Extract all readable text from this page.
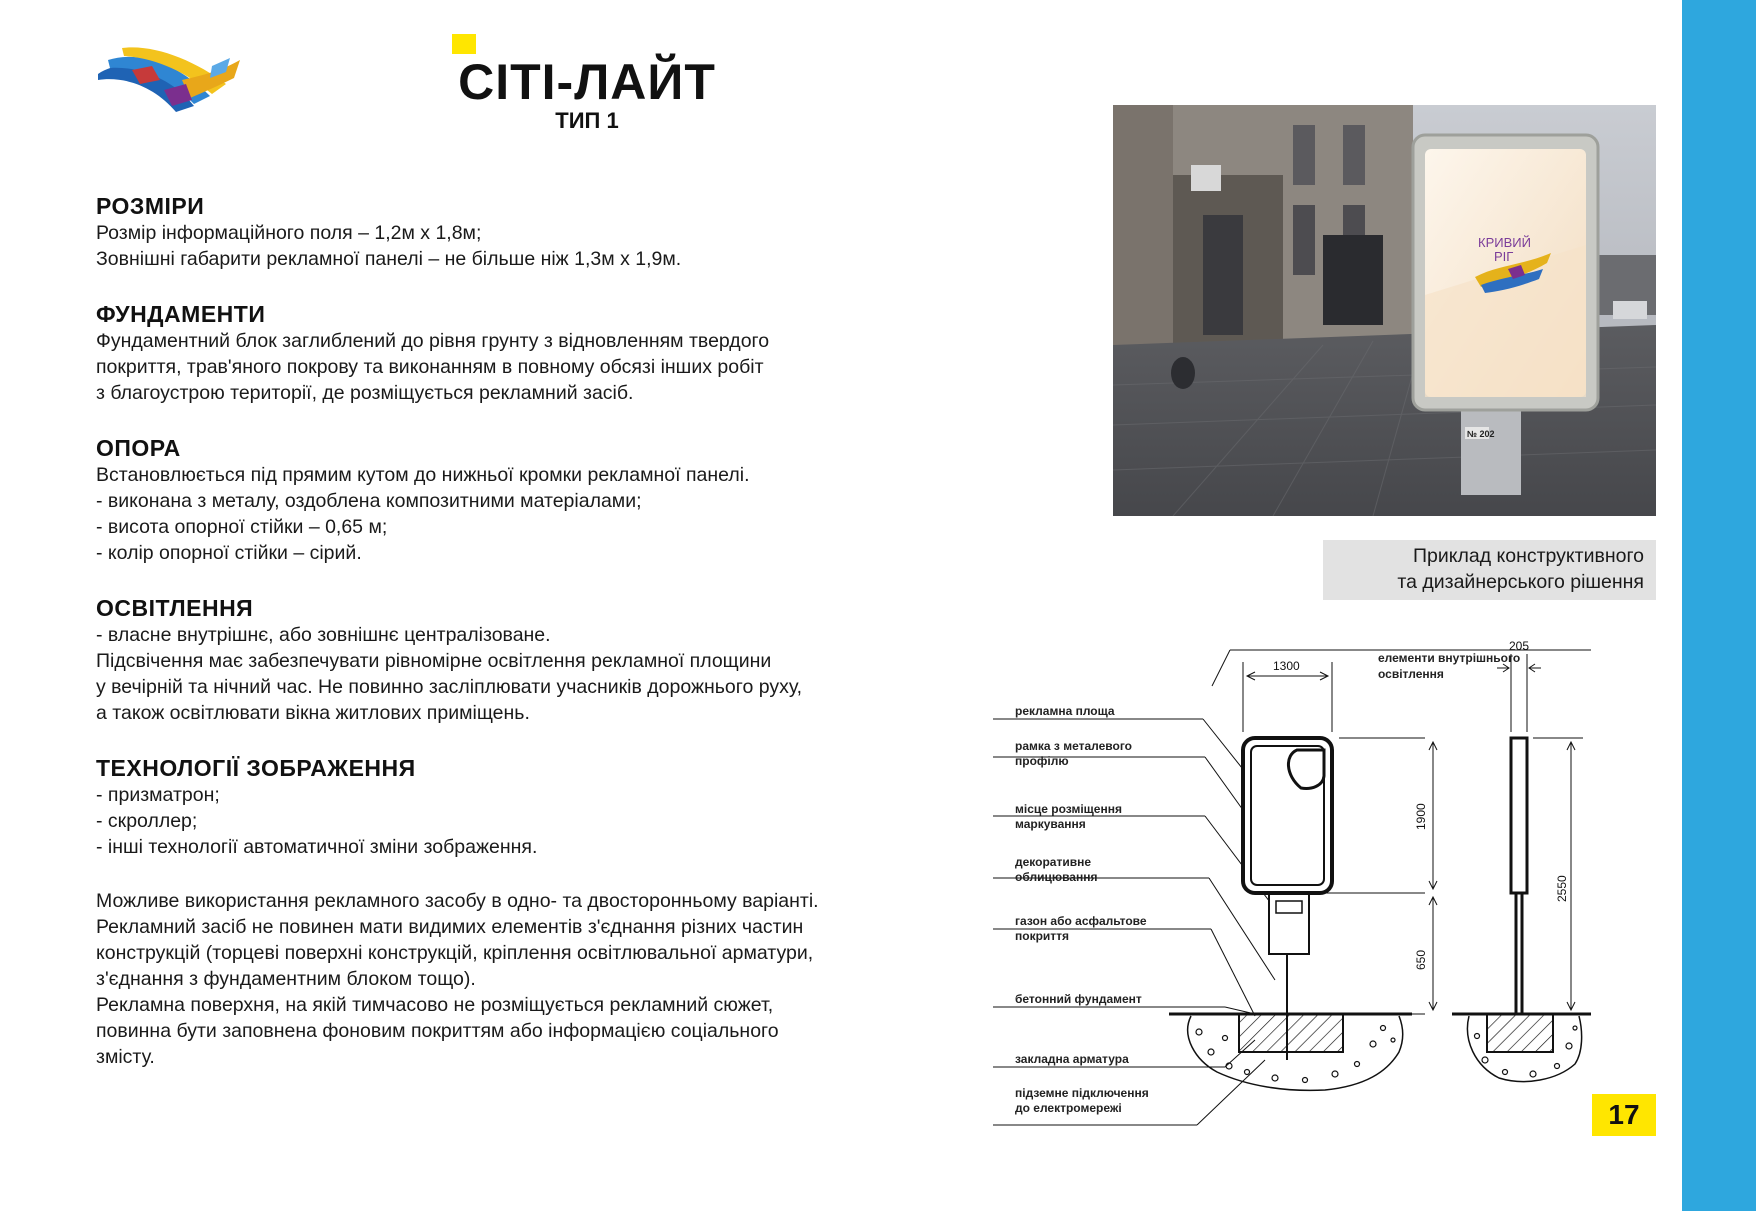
СІТІ-ЛАЙТ
ТИП 1
РОЗМІРИ
Розмір інформаційного поля – 1,2м х 1,8м;
Зовнішні габарити рекламної панелі – не більше ніж 1,3м х 1,9м.
ФУНДАМЕНТИ
Фундаментний блок заглиблений до рівня грунту з відновленням твердого
покриття, трав'яного покрову та виконанням в повному обсязі інших робіт
з благоустрою території, де розміщується рекламний засіб.
ОПОРА
Встановлюється під прямим кутом до нижньої кромки рекламної панелі.
- виконана з металу, оздоблена композитними матеріалами;
- висота опорної стійки – 0,65 м;
- колір опорної стійки – сірий.
ОСВІТЛЕННЯ
- власне внутрішнє, або зовнішнє централізоване.
Підсвічення має забезпечувати рівномірне освітлення рекламної площини
у вечірній та нічний час. Не повинно засліплювати учасників дорожнього руху,
а також освітлювати вікна житлових приміщень.
ТЕХНОЛОГІЇ ЗОБРАЖЕННЯ
- призматрон;
- скроллер;
- інші технології автоматичної зміни зображення.
Можливе використання рекламного засобу в одно- та двосторонньому варіанті.
Рекламний засіб не повинен мати видимих елементів з'єднання різних частин
конструкцій (торцеві поверхні конструкцій, кріплення освітлювальної арматури,
з'єднання з фундаментним блоком тощо).
Рекламна поверхня, на якій тимчасово не розміщується рекламний сюжет,
повинна бути заповнена фоновим покриттям або інформацією соціального
змісту.
№ 202
КРИВИЙ
РІГ
Приклад конструктивного
та дизайнерського рішення
1300
205
1900
650
2550
елементи внутрішнього
освітлення
рекламна площа
рамка з металевого
профілю
місце розміщення
маркування
декоративне
облицювання
газон або асфальтове
покриття
бетонний фундамент
закладна арматура
підземне підключення
до електромережі	17
